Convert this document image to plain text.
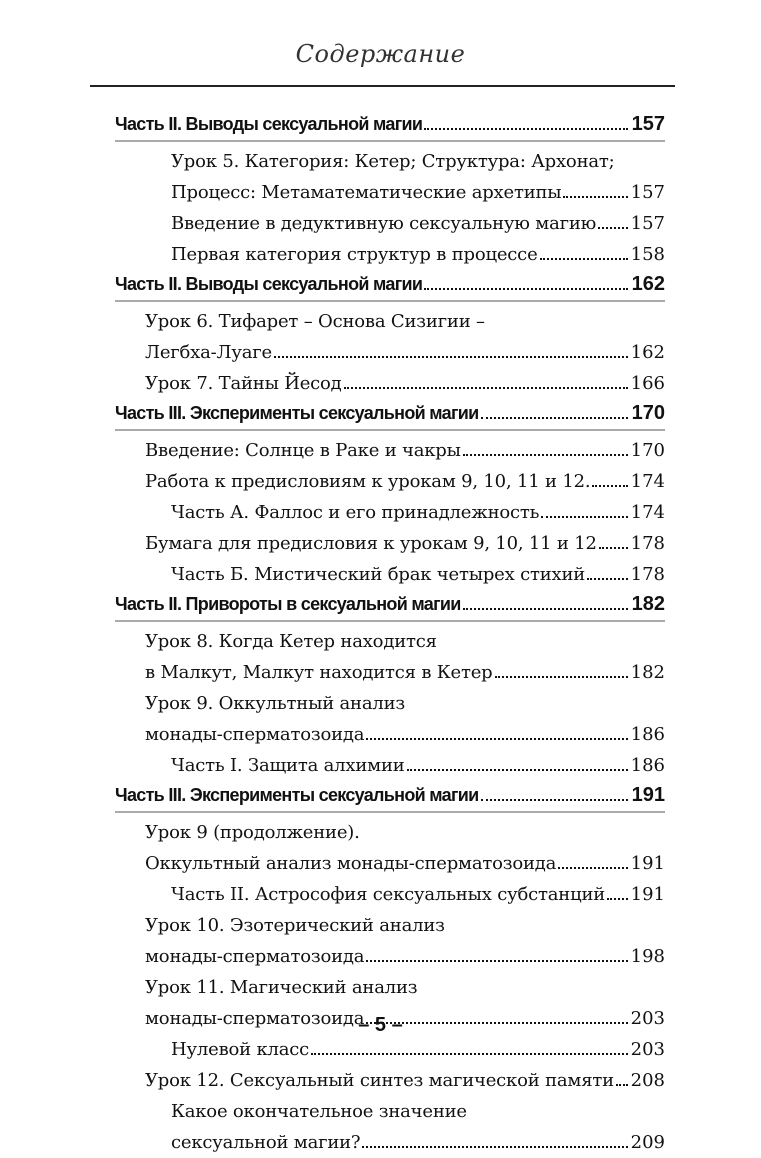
Содержание
Часть II. Выводы сексуальной магии	157
Урок 5. Категория: Кетер; Структура: Архонат;
Процесс: Метаматематические архетипы	157
Введение в дедуктивную сексуальную магию 157
Первая категория структур в процессе	158
Часть II. Выводы сексуальной магии	162
Урок 6. Тифарет – Основа Сизигии –
Легбха-Луаге	162
Урок 7. Тайны Йесод	166
Часть III. Эксперименты сексуальной магии	170
Введение: Солнце в Раке и чакры	170
Работа к предисловиям к урокам 9, 10, 11 и 12. 174
Часть А. Фаллос и его принадлежность	174
Бумага для предисловия к урокам 9, 10, 11 и 12 178
Часть Б. Мистический брак четырех стихий	178
Часть II. Привороты в сексуальной магии	182
Урок 8. Когда Кетер находится
в Малкут, Малкут находится в Кетер	182
Урок 9. Оккультный анализ
монады-сперматозоида	186
Часть I. Защита алхимии	186
Часть III. Эксперименты сексуальной магии	191
Урок 9 (продолжение).
Оккультный анализ монады-сперматозоида	191
Часть II. Астрософия сексуальных субстанций 191
Урок 10. Эзотерический анализ
монады-сперматозоида	198
Урок 11. Магический анализ
монады-сперматозоида	203
Нулевой класс	203
Урок 12. Сексуальный синтез магической памяти 208
Какое окончательное значение
сексуальной магии?	209
– 5 –
